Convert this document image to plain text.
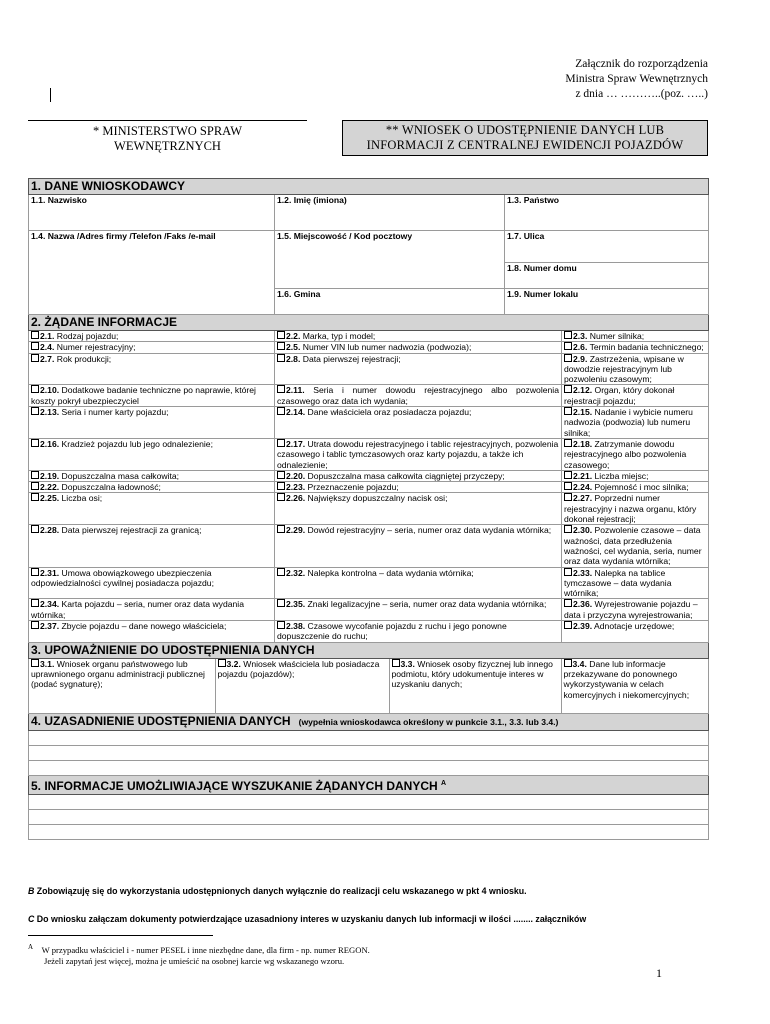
Załącznik do rozporządzenia
Ministra Spraw Wewnętrznych
z dnia … ………..(poz. …..)
* MINISTERSTWO SPRAW
WEWNĘTRZNYCH
** WNIOSEK O UDOSTĘPNIENIE DANYCH LUB
INFORMACJI Z CENTRALNEJ EWIDENCJI POJAZDÓW
1. DANE WNIOSKODAWCY
1.1. Nazwisko	1.2. Imię (imiona)	1.3. Państwo
1.4. Nazwa /Adres firmy /Telefon /Faks /e-mail	1.5. Miejscowość / Kod pocztowy	1.7. Ulica
1.8. Numer domu
1.6. Gmina	1.9. Numer lokalu
2. ŻĄDANE INFORMACJE
2.1. Rodzaj pojazdu;	2.2. Marka, typ i model;	2.3. Numer silnika;
2.4. Numer rejestracyjny;	2.5. Numer VIN lub numer nadwozia (podwozia);	2.6. Termin badania technicznego;
2.7. Rok produkcji;	2.8. Data pierwszej rejestracji;	2.9. Zastrzeżenia, wpisane w dowodzie rejestracyjnym lub pozwoleniu czasowym;
2.10. Dodatkowe badanie techniczne po naprawie, której koszty pokrył ubezpieczyciel	2.11. Seria i numer dowodu rejestracyjnego albo pozwolenia czasowego oraz data ich wydania;	2.12. Organ, który dokonał rejestracji pojazdu;
2.13. Seria i numer karty pojazdu;	2.14. Dane właściciela oraz posiadacza pojazdu;	2.15. Nadanie i wybicie numeru nadwozia (podwozia) lub numeru silnika;
2.16. Kradzież pojazdu lub jego odnalezienie;	2.17. Utrata dowodu rejestracyjnego i tablic rejestracyjnych, pozwolenia czasowego i tablic tymczasowych oraz karty pojazdu, a także ich odnalezienie;	2.18. Zatrzymanie dowodu rejestracyjnego albo pozwolenia czasowego;
2.19. Dopuszczalna masa całkowita;	2.20. Dopuszczalna masa całkowita ciągniętej przyczepy;	2.21. Liczba miejsc;
2.22. Dopuszczalna ładowność;	2.23. Przeznaczenie pojazdu;	2.24. Pojemność i moc silnika;
2.25. Liczba osi;	2.26. Największy dopuszczalny nacisk osi;	2.27. Poprzedni numer rejestracyjny i nazwa organu, który dokonał rejestracji;
2.28. Data pierwszej rejestracji za granicą;	2.29. Dowód rejestracyjny – seria, numer oraz data wydania wtórnika;	2.30. Pozwolenie czasowe – data ważności, data przedłużenia ważności, cel wydania, seria, numer oraz data wydania wtórnika;
2.31. Umowa obowiązkowego ubezpieczenia odpowiedzialności cywilnej posiadacza pojazdu;	2.32. Nalepka kontrolna – data wydania wtórnika;	2.33. Nalepka na tablice tymczasowe – data wydania wtórnika;
2.34. Karta pojazdu – seria, numer oraz data wydania wtórnika;	2.35. Znaki legalizacyjne – seria, numer oraz data wydania wtórnika;	2.36. Wyrejestrowanie pojazdu – data i przyczyna wyrejestrowania;
2.37. Zbycie pojazdu – dane nowego właściciela;	2.38. Czasowe wycofanie pojazdu z ruchu i jego ponowne dopuszczenie do ruchu;	2.39. Adnotacje urzędowe;
3. UPOWAŻNIENIE DO UDOSTĘPNIENIA DANYCH

3.1. Wniosek organu państwowego lub uprawnionego organu administracji publicznej (podać sygnaturę);	3.2. Wniosek właściciela lub posiadacza pojazdu (pojazdów);	3.3. Wniosek osoby fizycznej lub innego podmiotu, który udokumentuje interes w uzyskaniu danych;	3.4. Dane lub informacje przekazywane do ponownego wykorzystywania w celach komercyjnych i niekomercyjnych;

4. UZASADNIENIE UDOSTĘPNIENIA DANYCH (wypełnia wnioskodawca określony w punkcie 3.1., 3.3. lub 3.4.)

5. INFORMACJE UMOŻLIWIAJĄCE WYSZUKANIE ŻĄDANYCH DANYCH $^A$

B Zobowiązuję się do wykorzystania udostępnionych danych wyłącznie do realizacji celu wskazanego w pkt 4 wniosku.
C Do wniosku załączam dokumenty potwierdzające uzasadniony interes w uzyskaniu danych lub informacji w ilości ........ załączników
$^A$ W przypadku właściciel i - numer PESEL i inne niezbędne dane, dla firm - np. numer REGON.
Jeżeli zapytań jest więcej, można je umieścić na osobnej karcie wg wskazanego wzoru.
1
